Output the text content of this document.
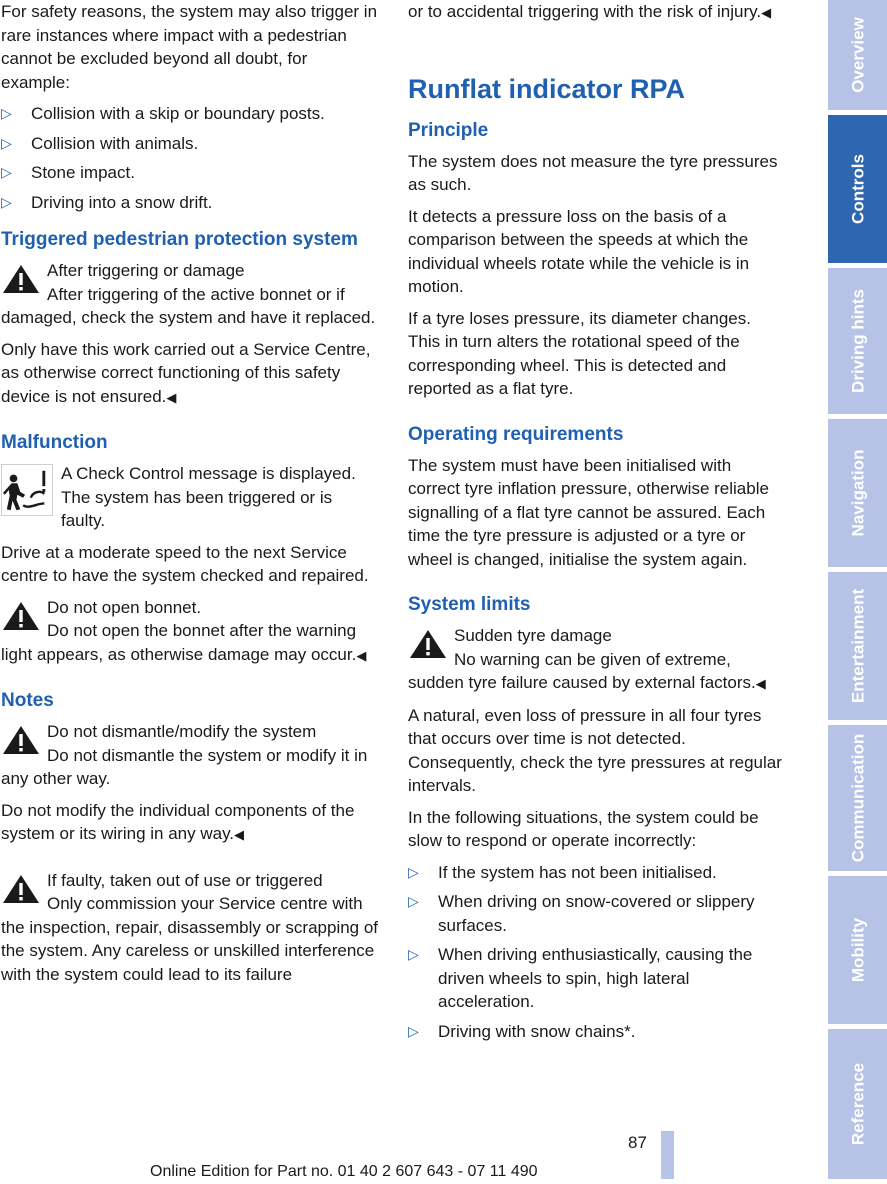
For safety reasons, the system may also trigger in rare instances where impact with a pedestrian cannot be excluded beyond all doubt, for example:

▷ Collision with a skip or boundary posts.
▷ Collision with animals.
▷ Stone impact.
▷ Driving into a snow drift.
Triggered pedestrian protection system
After triggering or damage
After triggering of the active bonnet or if damaged, check the system and have it replaced.

Only have this work carried out a Service Centre, as otherwise correct functioning of this safety device is not ensured.◀

Malfunction
A Check Control message is displayed.
The system has been triggered or is faulty.

Drive at a moderate speed to the next Service centre to have the system checked and repaired.

Do not open bonnet.
Do not open the bonnet after the warning light appears, as otherwise damage may occur.◀
Notes
Do not dismantle/modify the system
Do not dismantle the system or modify it in any other way.

Do not modify the individual components of the system or its wiring in any way.◀

If faulty, taken out of use or triggered
Only commission your Service centre with the inspection, repair, disassembly or scrapping of the system. Any careless or unskilled interference with the system could lead to its failure

or to accidental triggering with the risk of injury.◀

Runflat indicator RPA
Principle

The system does not measure the tyre pressures as such.

It detects a pressure loss on the basis of a comparison between the speeds at which the individual wheels rotate while the vehicle is in motion.

If a tyre loses pressure, its diameter changes. This in turn alters the rotational speed of the corresponding wheel. This is detected and reported as a flat tyre.

Operating requirements

The system must have been initialised with correct tyre inflation pressure, otherwise reliable signalling of a flat tyre cannot be assured. Each time the tyre pressure is adjusted or a tyre or wheel is changed, initialise the system again.

System limits
Sudden tyre damage
No warning can be given of extreme, sudden tyre failure caused by external factors.◀

A natural, even loss of pressure in all four tyres that occurs over time is not detected. Consequently, check the tyre pressures at regular intervals.

In the following situations, the system could be slow to respond or operate incorrectly:

▷ If the system has not been initialised.
▷ When driving on snow-covered or slippery surfaces.
▷ When driving enthusiastically, causing the driven wheels to spin, high lateral acceleration.
▷ Driving with snow chains*.
Overview
Controls
Driving hints
Navigation
Entertainment
Communication
Mobility
Reference
87
Online Edition for Part no. 01 40 2 607 643 - 07 11 490
